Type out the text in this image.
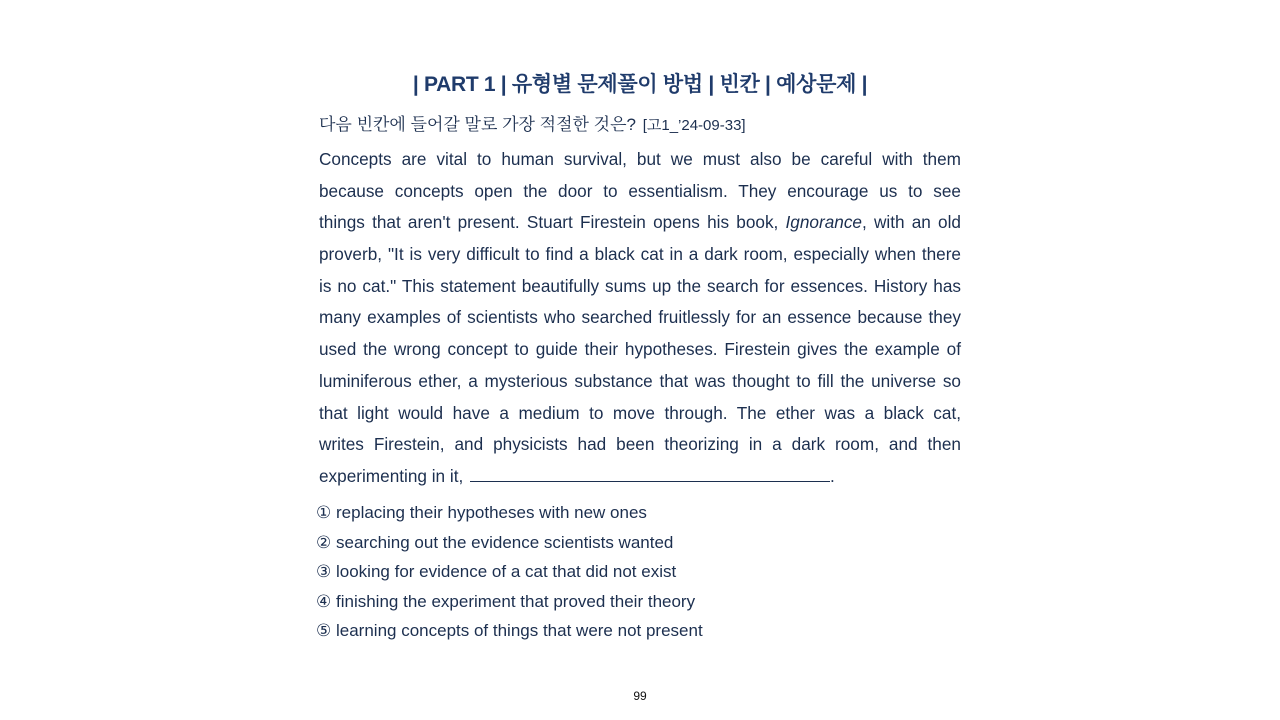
| PART 1 | 유형별 문제풀이 방법 | 빈칸 | 예상문제 |
다음 빈칸에 들어갈 말로 가장 적절한 것은? [고1_’24-09-33]
Concepts are vital to human survival, but we must also be careful with them
because concepts open the door to essentialism. They encourage us to see
things that aren't present. Stuart Firestein opens his book, Ignorance, with an old
proverb, "It is very difficult to find a black cat in a dark room, especially when there
is no cat." This statement beautifully sums up the search for essences. History has
many examples of scientists who searched fruitlessly for an essence because they
used the wrong concept to guide their hypotheses. Firestein gives the example of
luminiferous ether, a mysterious substance that was thought to fill the universe so
that light would have a medium to move through. The ether was a black cat,
writes Firestein, and physicists had been theorizing in a dark room, and then
experimenting in it,	.
① replacing their hypotheses with new ones
② searching out the evidence scientists wanted
③ looking for evidence of a cat that did not exist
④ finishing the experiment that proved their theory
⑤ learning concepts of things that were not present
99
